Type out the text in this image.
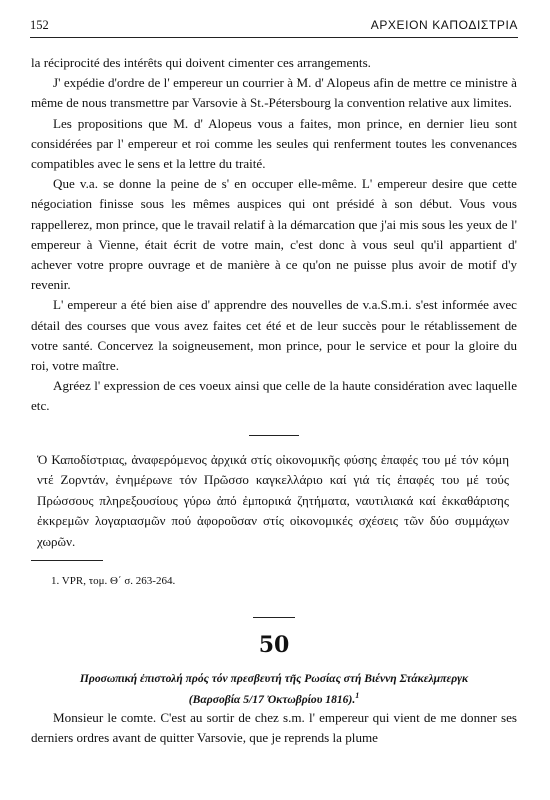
152	ΑΡΧΕΙΟΝ ΚΑΠΟΔΙΣΤΡΙΑ

la réciprocité des intérêts qui doivent cimenter ces arrangements.

J' expédie d'ordre de l' empereur un courrier à M. d' Alopeus afin de mettre ce ministre à même de nous transmettre par Varsovie à St.-Pétersbourg la convention relative aux limites.

Les propositions que M. d' Alopeus vous a faites, mon prince, en dernier lieu sont considérées par l' empereur et roi comme les seules qui renferment toutes les convenances compatibles avec le sens et la lettre du traité.

Que v.a. se donne la peine de s' en occuper elle-même. L' empereur desire que cette négociation finisse sous les mêmes auspices qui ont présidé à son début. Vous vous rappellerez, mon prince, que le travail relatif à la démarcation que j'ai mis sous les yeux de l' empereur à Vienne, était écrit de votre main, c'est donc à vous seul qu'il appartient d' achever votre propre ouvrage et de manière à ce qu'on ne puisse plus avoir de motif d'y revenir.

L' empereur a été bien aise d' apprendre des nouvelles de v.a.S.m.i. s'est informée avec détail des courses que vous avez faites cet été et de leur succès pour le rétablissement de votre santé. Concervez la soigneusement, mon prince, pour le service et pour la gloire du roi, votre maître.

Agréez l' expression de ces voeux ainsi que celle de la haute considération avec laquelle etc.

Ὁ Καποδίστριας, ἀναφερόμενος ἀρχικά στίς οἰκονομικῆς φύσης ἐπαφές του μέ τόν κόμη ντέ Ζορντάν, ἐνημέρωνε τόν Πρῶσσο καγκελλάριο καί γιά τίς ἐπαφές του μέ τούς Πρώσσους πληρεξουσίους γύρω ἀπό ἐμπορικά ζητήματα, ναυτιλιακά καί ἐκκαθάρισης ἐκκρεμῶν λογαριασμῶν πού ἀφοροῦσαν στίς οἰκονομικές σχέσεις τῶν δύο συμμάχων χωρῶν.

1. VPR, τομ. Θ΄ σ. 263-264.
50
Προσωπική ἐπιστολή πρός τόν πρεσβευτή τῆς Ρωσίας στή Βιέννη Στάκελμπεργκ
(Βαρσοβία 5/17 Ὀκτωβρίου 1816).$^1$

Monsieur le comte. C'est au sortir de chez s.m. l' empereur qui vient de me donner ses derniers ordres avant de quitter Varsovie, que je reprends la plume
